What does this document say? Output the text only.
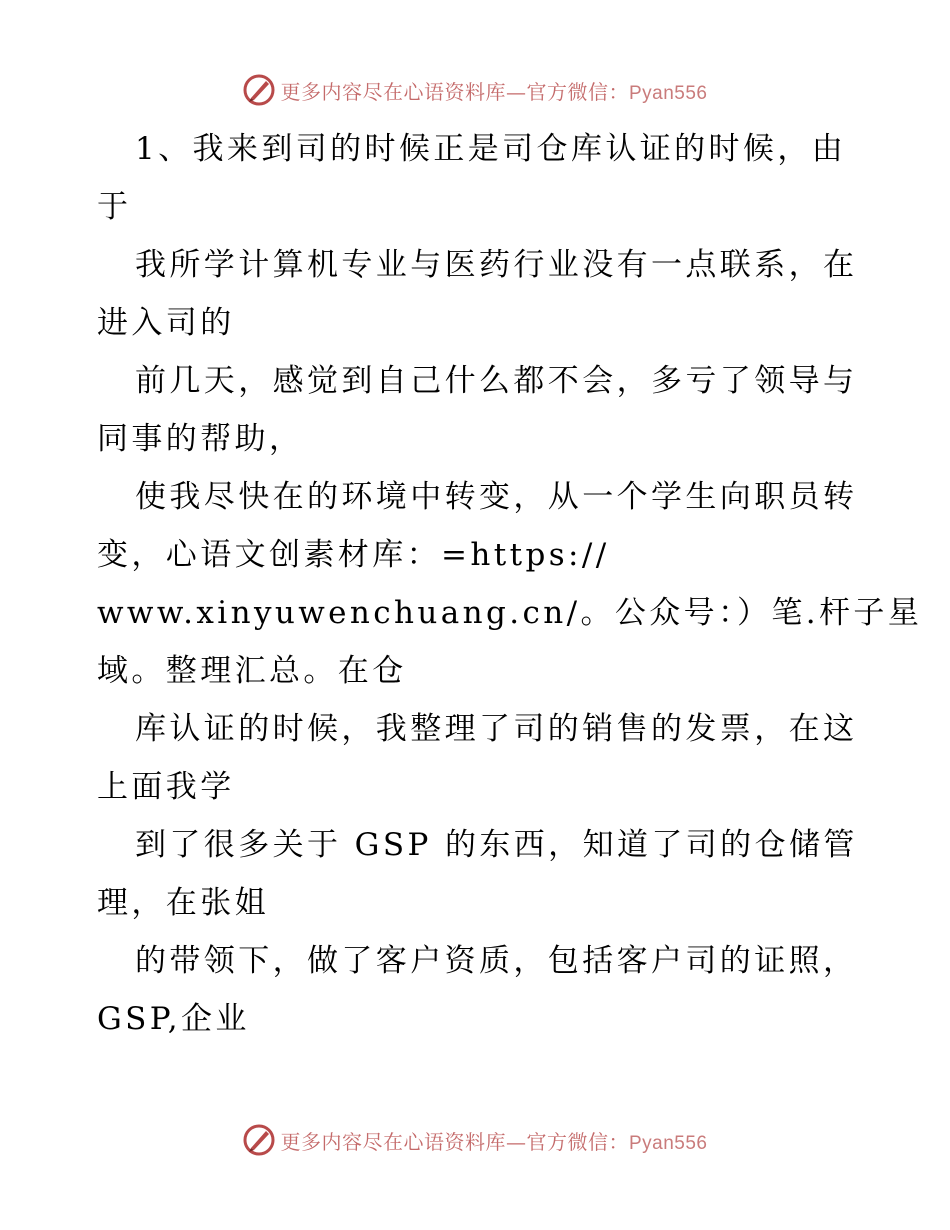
更多内容尽在心语资料库—官方微信：Pyan556
1、我来到司的时候正是司仓库认证的时候，由
于
我所学计算机专业与医药行业没有一点联系，在
进入司的
前几天，感觉到自己什么都不会，多亏了领导与
同事的帮助，
使我尽快在的环境中转变，从一个学生向职员转
变，心语文创素材库：=https://
www.xinyuwenchuang.cn/。公众号：）笔.杆子星
域。整理汇总。在仓
库认证的时候，我整理了司的销售的发票，在这
上面我学
到了很多关于 GSP 的东西，知道了司的仓储管
理，在张姐
的带领下，做了客户资质，包括客户司的证照，
GSP,企业
更多内容尽在心语资料库—官方微信：Pyan556
